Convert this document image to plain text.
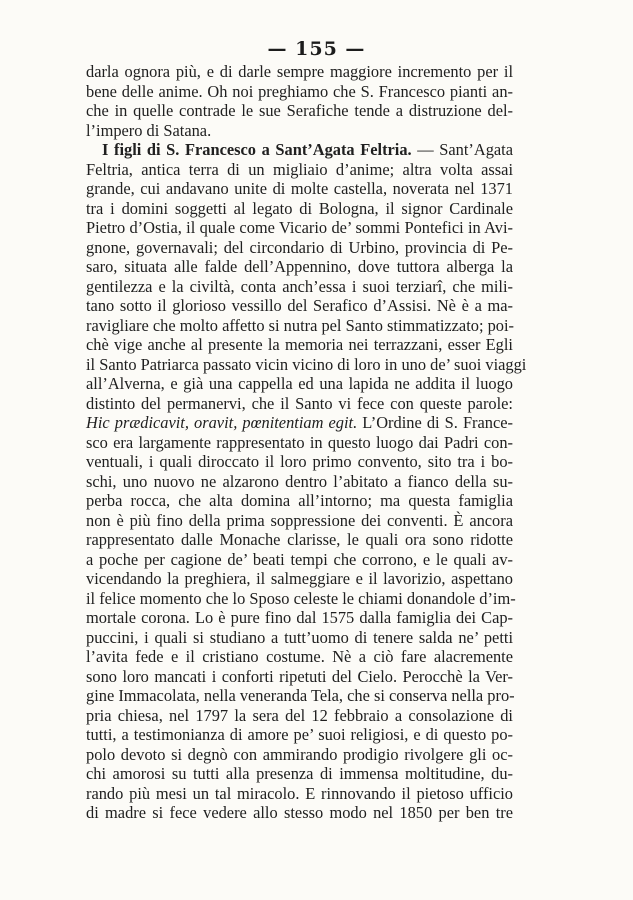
— 155 —
darla ognora più, e di darle sempre maggiore incremento per il
bene delle anime. Oh noi preghiamo che S. Francesco pianti an-
che in quelle contrade le sue Serafiche tende a distruzione del-
l’impero di Satana.
I figli di S. Francesco a Sant’Agata Feltria. — Sant’Agata
Feltria, antica terra di un migliaio d’anime; altra volta assai
grande, cui andavano unite di molte castella, noverata nel 1371
tra i domini soggetti al legato di Bologna, il signor Cardinale
Pietro d’Ostia, il quale come Vicario de’ sommi Pontefici in Avi-
gnone, governavali; del circondario di Urbino, provincia di Pe-
saro, situata alle falde dell’Appennino, dove tuttora alberga la
gentilezza e la civiltà, conta anch’essa i suoi terziarî, che mili-
tano sotto il glorioso vessillo del Serafico d’Assisi. Nè è a ma-
ravigliare che molto affetto si nutra pel Santo stimmatizzato; poi-
chè vige anche al presente la memoria nei terrazzani, esser Egli
il Santo Patriarca passato vicin vicino di loro in uno de’ suoi viaggi
all’Alverna, e già una cappella ed una lapida ne addita il luogo
distinto del permanervi, che il Santo vi fece con queste parole:
Hic prædicavit, oravit, pœnitentiam egit. L’Ordine di S. France-
sco era largamente rappresentato in questo luogo dai Padri con-
ventuali, i quali diroccato il loro primo convento, sito tra i bo-
schi, uno nuovo ne alzarono dentro l’abitato a fianco della su-
perba rocca, che alta domina all’intorno; ma questa famiglia
non è più fino della prima soppressione dei conventi. È ancora
rappresentato dalle Monache clarisse, le quali ora sono ridotte
a poche per cagione de’ beati tempi che corrono, e le quali av-
vicendando la preghiera, il salmeggiare e il lavorizio, aspettano
il felice momento che lo Sposo celeste le chiami donandole d’im-
mortale corona. Lo è pure fino dal 1575 dalla famiglia dei Cap-
puccini, i quali si studiano a tutt’uomo di tenere salda ne’ petti
l’avita fede e il cristiano costume. Nè a ciò fare alacremente
sono loro mancati i conforti ripetuti del Cielo. Perocchè la Ver-
gine Immacolata, nella veneranda Tela, che si conserva nella pro-
pria chiesa, nel 1797 la sera del 12 febbraio a consolazione di
tutti, a testimonianza di amore pe’ suoi religiosi, e di questo po-
polo devoto si degnò con ammirando prodigio rivolgere gli oc-
chi amorosi su tutti alla presenza di immensa moltitudine, du-
rando più mesi un tal miracolo. E rinnovando il pietoso ufficio
di madre si fece vedere allo stesso modo nel 1850 per ben tre
